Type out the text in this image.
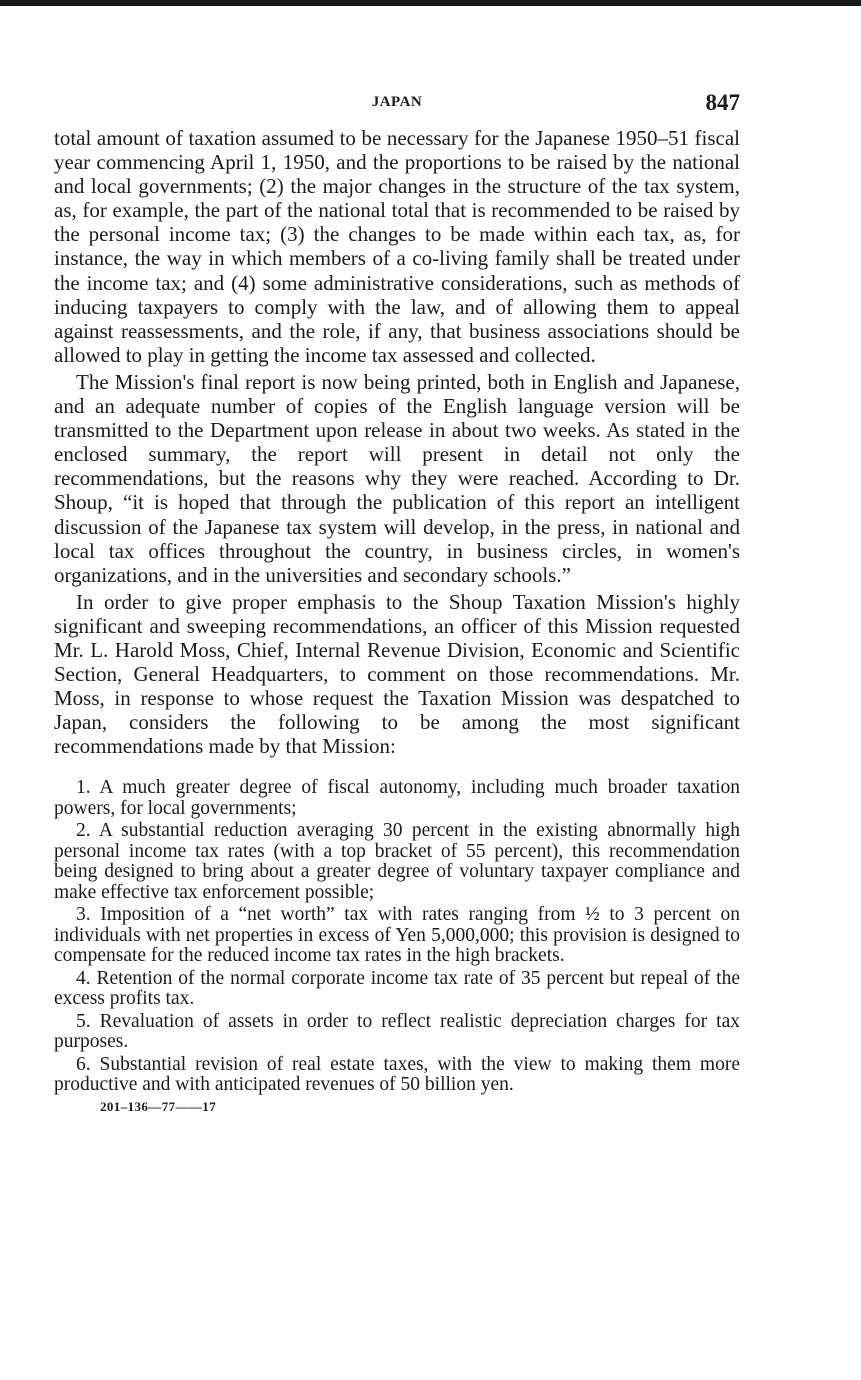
JAPAN	847

total amount of taxation assumed to be necessary for the Japanese 1950–51 fiscal year commencing April 1, 1950, and the proportions to be raised by the national and local governments; (2) the major changes in the structure of the tax system, as, for example, the part of the national total that is recommended to be raised by the personal income tax; (3) the changes to be made within each tax, as, for instance, the way in which members of a co-living family shall be treated under the income tax; and (4) some administrative considerations, such as methods of inducing taxpayers to comply with the law, and of allowing them to appeal against reassessments, and the role, if any, that business associations should be allowed to play in getting the income tax assessed and collected.

The Mission's final report is now being printed, both in English and Japanese, and an adequate number of copies of the English language version will be transmitted to the Department upon release in about two weeks. As stated in the enclosed summary, the report will present in detail not only the recommendations, but the reasons why they were reached. According to Dr. Shoup, “it is hoped that through the publication of this report an intelligent discussion of the Japanese tax system will develop, in the press, in national and local tax offices throughout the country, in business circles, in women's organizations, and in the universities and secondary schools.”

In order to give proper emphasis to the Shoup Taxation Mission's highly significant and sweeping recommendations, an officer of this Mission requested Mr. L. Harold Moss, Chief, Internal Revenue Division, Economic and Scientific Section, General Headquarters, to comment on those recommendations. Mr. Moss, in response to whose request the Taxation Mission was despatched to Japan, considers the following to be among the most significant recommendations made by that Mission:

1. A much greater degree of fiscal autonomy, including much broader taxation powers, for local governments;

2. A substantial reduction averaging 30 percent in the existing abnormally high personal income tax rates (with a top bracket of 55 percent), this recommendation being designed to bring about a greater degree of voluntary taxpayer compliance and make effective tax enforcement possible;

3. Imposition of a “net worth” tax with rates ranging from ½ to 3 percent on individuals with net properties in excess of Yen 5,000,000; this provision is designed to compensate for the reduced income tax rates in the high brackets.

4. Retention of the normal corporate income tax rate of 35 percent but repeal of the excess profits tax.

5. Revaluation of assets in order to reflect realistic depreciation charges for tax purposes.

6. Substantial revision of real estate taxes, with the view to making them more productive and with anticipated revenues of 50 billion yen.

201–136—77——17
